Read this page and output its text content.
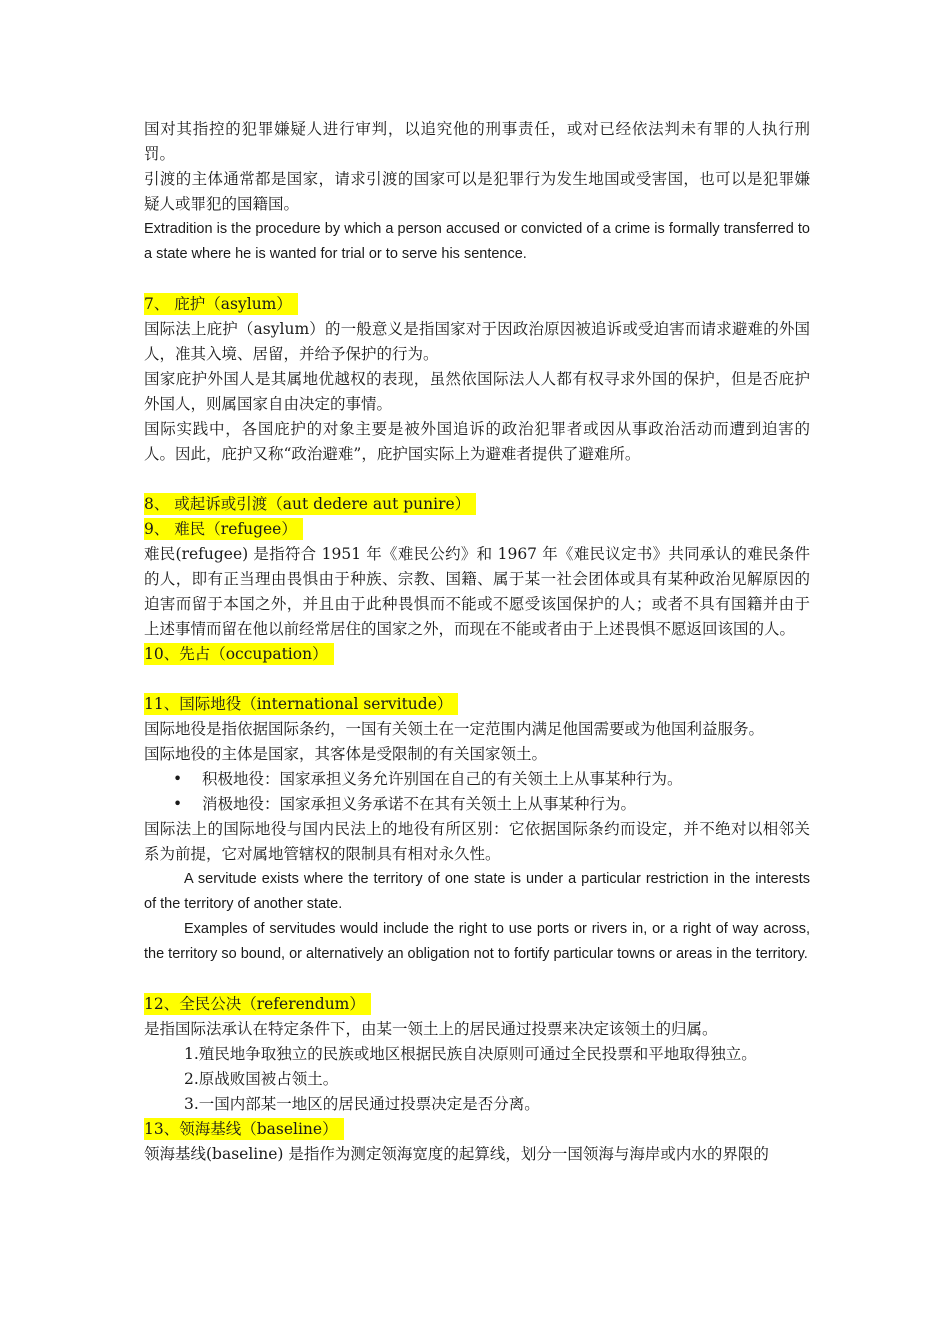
国对其指控的犯罪嫌疑人进行审判，以追究他的刑事责任，或对已经依法判未有罪的人执行刑罚。

引渡的主体通常都是国家，请求引渡的国家可以是犯罪行为发生地国或受害国，也可以是犯罪嫌疑人或罪犯的国籍国。

Extradition is the procedure by which a person accused or convicted of a crime is formally transferred to a state where he is wanted for trial or to serve his sentence.

7、 庇护（asylum）

国际法上庇护（asylum）的一般意义是指国家对于因政治原因被追诉或受迫害而请求避难的外国人，准其入境、居留，并给予保护的行为。

国家庇护外国人是其属地优越权的表现，虽然依国际法人人都有权寻求外国的保护，但是否庇护外国人，则属国家自由决定的事情。

国际实践中，各国庇护的对象主要是被外国追诉的政治犯罪者或因从事政治活动而遭到迫害的人。因此，庇护又称“政治避难”，庇护国实际上为避难者提供了避难所。

8、 或起诉或引渡（aut dedere aut punire）

9、 难民（refugee）

难民(refugee) 是指符合 1951 年《难民公约》和 1967 年《难民议定书》共同承认的难民条件的人，即有正当理由畏惧由于种族、宗教、国籍、属于某一社会团体或具有某种政治见解原因的迫害而留于本国之外，并且由于此种畏惧而不能或不愿受该国保护的人；或者不具有国籍并由于上述事情而留在他以前经常居住的国家之外，而现在不能或者由于上述畏惧不愿返回该国的人。

10、先占（occupation）

11、国际地役（international servitude）

国际地役是指依据国际条约，一国有关领土在一定范围内满足他国需要或为他国利益服务。

国际地役的主体是国家，其客体是受限制的有关国家领土。

• 积极地役：国家承担义务允许别国在自己的有关领土上从事某种行为。

• 消极地役：国家承担义务承诺不在其有关领土上从事某种行为。

国际法上的国际地役与国内民法上的地役有所区别：它依据国际条约而设定，并不绝对以相邻关系为前提，它对属地管辖权的限制具有相对永久性。

A servitude exists where the territory of one state is under a particular restriction in the interests of the territory of another state.

Examples of servitudes would include the right to use ports or rivers in, or a right of way across, the territory so bound, or alternatively an obligation not to fortify particular towns or areas in the territory.

12、全民公决（referendum）

是指国际法承认在特定条件下，由某一领土上的居民通过投票来决定该领土的归属。

1.殖民地争取独立的民族或地区根据民族自决原则可通过全民投票和平地取得独立。

2.原战败国被占领土。

3.一国内部某一地区的居民通过投票决定是否分离。

13、领海基线（baseline）

领海基线(baseline) 是指作为测定领海宽度的起算线，划分一国领海与海岸或内水的界限的
